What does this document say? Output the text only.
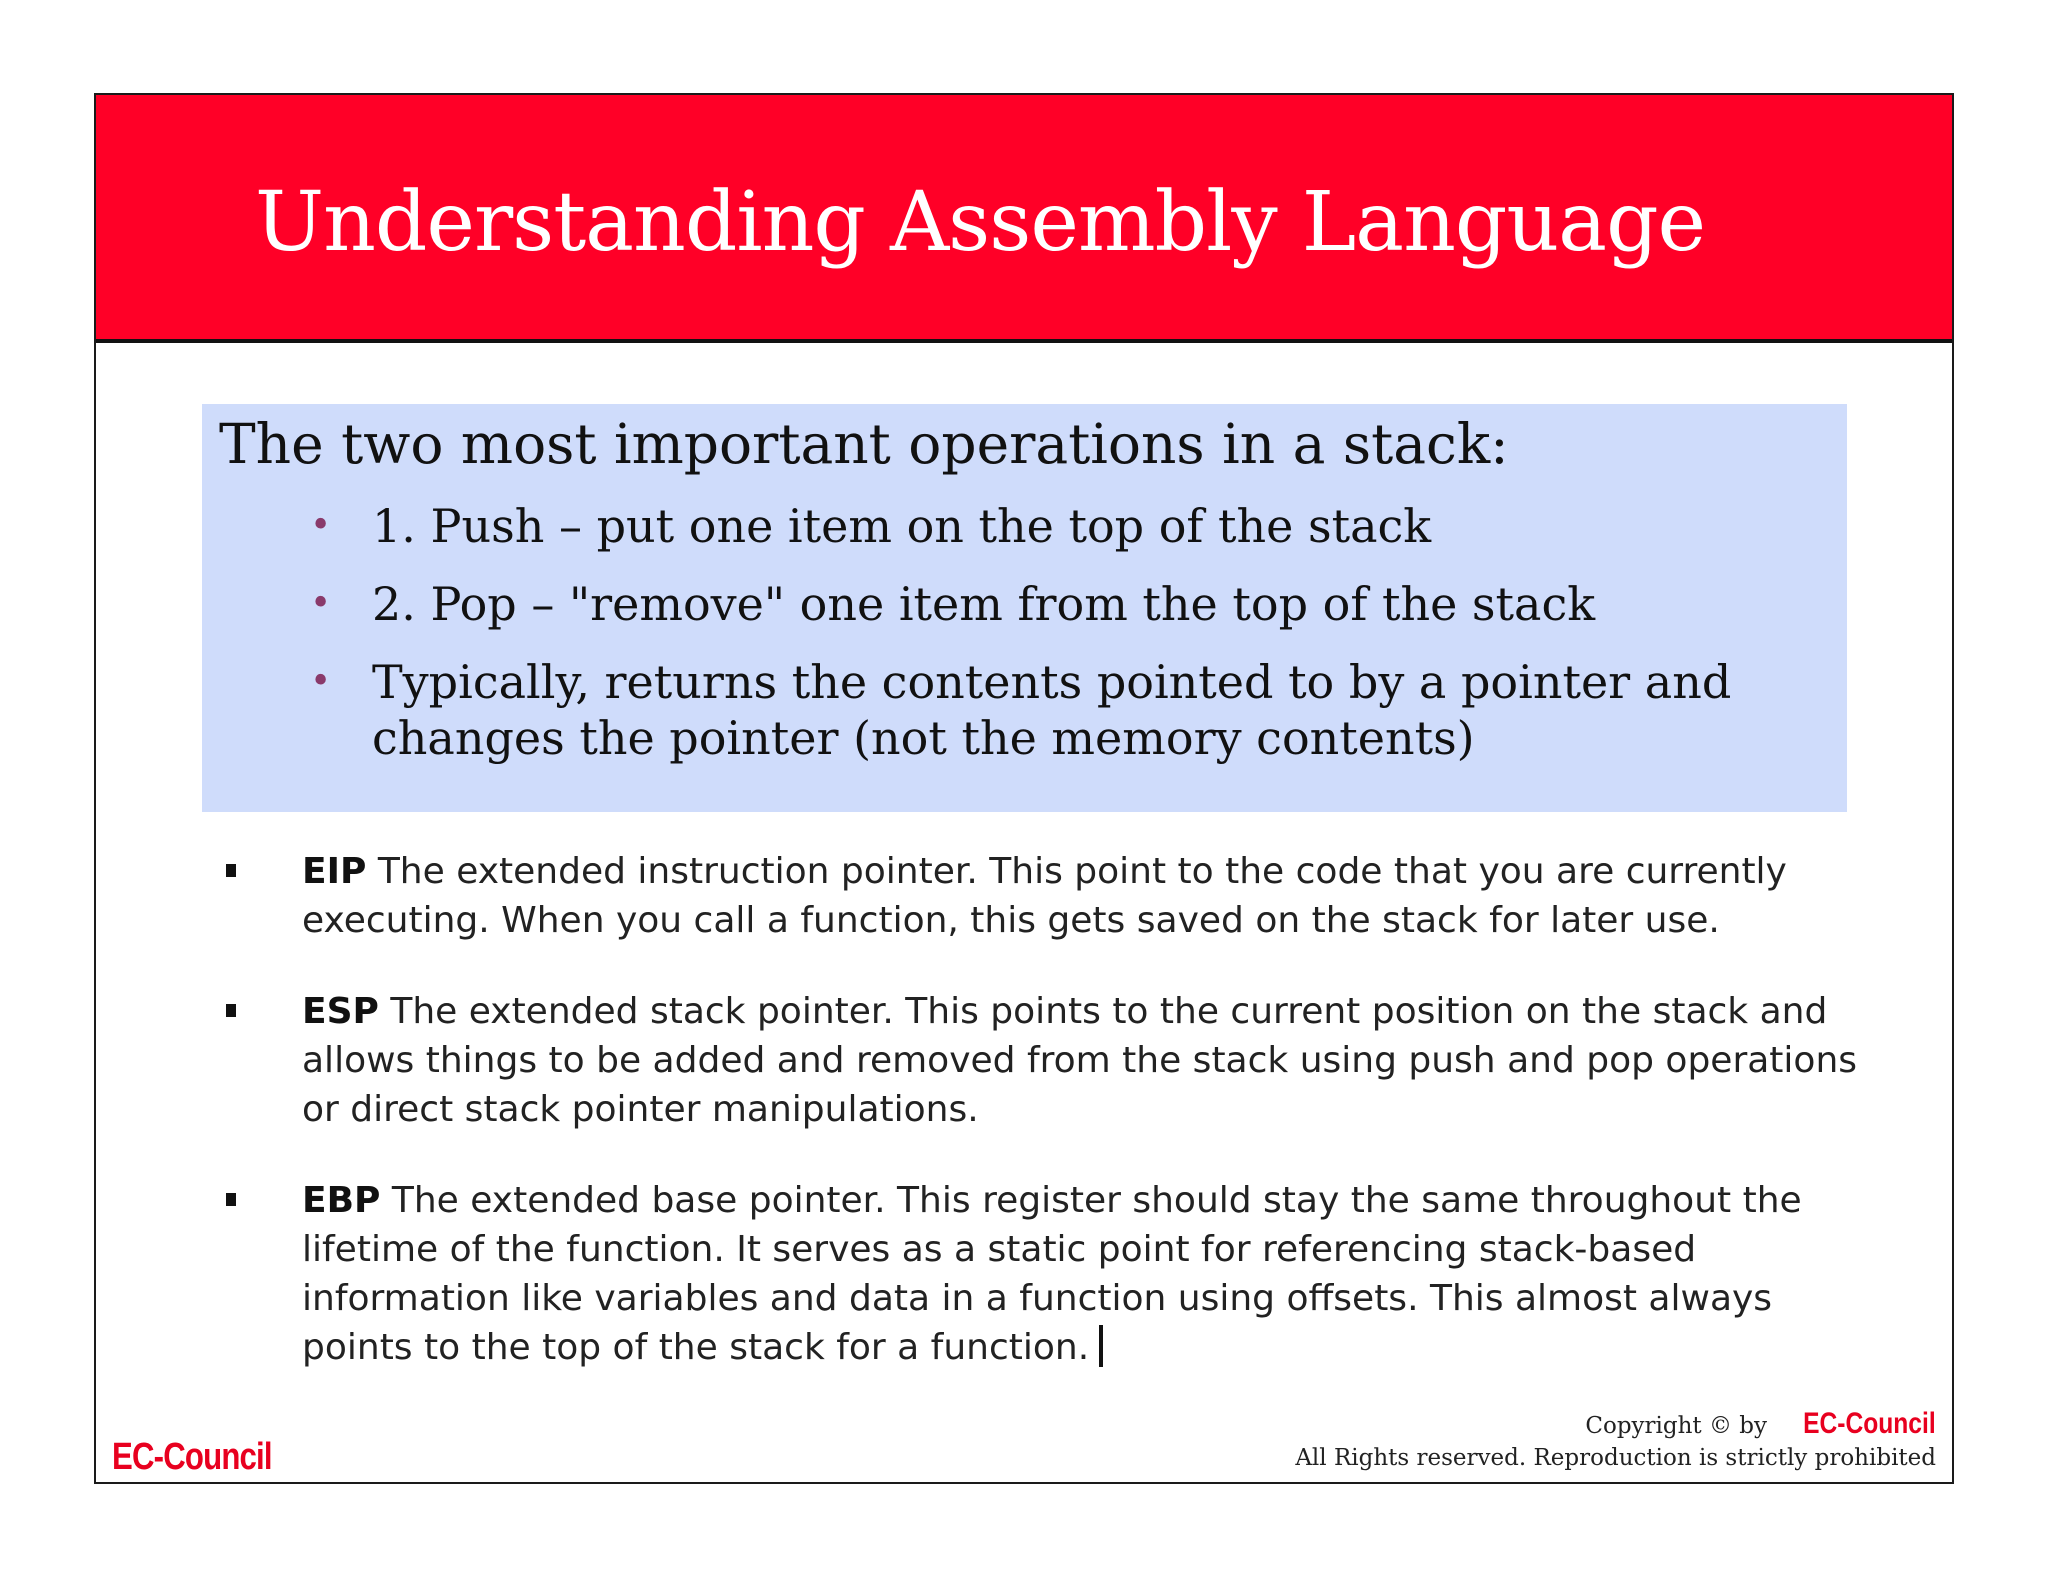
Understanding Assembly Language
The two most important operations in a stack:
• 1. Push – put one item on the top of the stack
• 2. Pop – "remove" one item from the top of the stack
• Typically, returns the contents pointed to by a pointer and changes the pointer (not the memory contents)
EIP The extended instruction pointer. This point to the code that you are currently executing. When you call a function, this gets saved on the stack for later use.
ESP The extended stack pointer. This points to the current position on the stack and allows things to be added and removed from the stack using push and pop operations or direct stack pointer manipulations.
EBP The extended base pointer. This register should stay the same throughout the lifetime of the function. It serves as a static point for referencing stack-based information like variables and data in a function using offsets. This almost always points to the top of the stack for a function.
EC-Council
Copyright © by EC-Council
All Rights reserved. Reproduction is strictly prohibited
